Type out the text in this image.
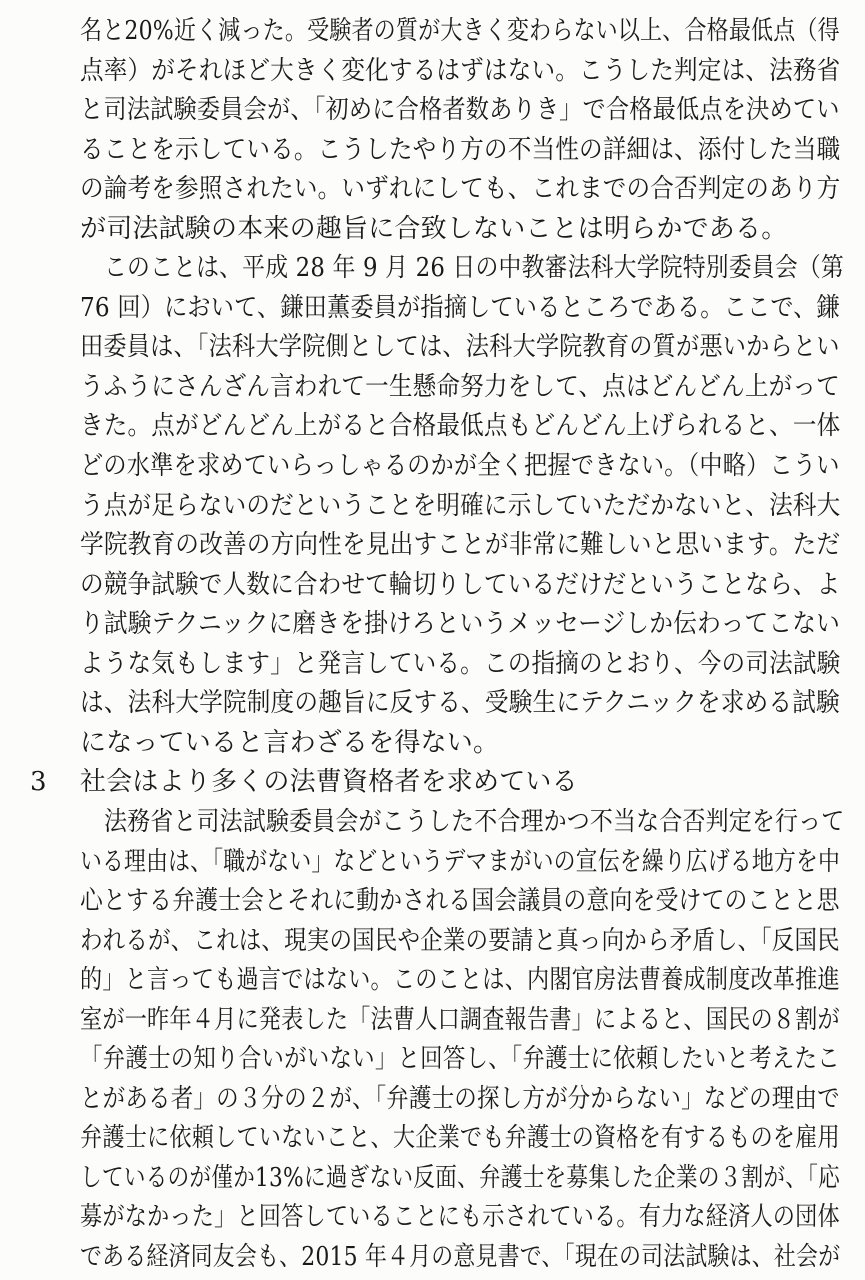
名と20%近く減った。受験者の質が大きく変わらない以上、合格最低点（得
点率）がそれほど大きく変化するはずはない。こうした判定は、法務省
と司法試験委員会が、「初めに合格者数ありき」で合格最低点を決めてい
ることを示している。こうしたやり方の不当性の詳細は、添付した当職
の論考を参照されたい。いずれにしても、これまでの合否判定のあり方
が司法試験の本来の趣旨に合致しないことは明らかである。
このことは、平成 28 年 9 月 26 日の中教審法科大学院特別委員会（第
76 回）において、鎌田薫委員が指摘しているところである。ここで、鎌
田委員は、「法科大学院側としては、法科大学院教育の質が悪いからとい
うふうにさんざん言われて一生懸命努力をして、点はどんどん上がって
きた。点がどんどん上がると合格最低点もどんどん上げられると、一体
どの水準を求めていらっしゃるのかが全く把握できない。（中略）こうい
う点が足らないのだということを明確に示していただかないと、法科大
学院教育の改善の方向性を見出すことが非常に難しいと思います。ただ
の競争試験で人数に合わせて輪切りしているだけだということなら、よ
り試験テクニックに磨きを掛けろというメッセージしか伝わってこない
ような気もします」と発言している。この指摘のとおり、今の司法試験
は、法科大学院制度の趣旨に反する、受験生にテクニックを求める試験
になっていると言わざるを得ない。
3 社会はより多くの法曹資格者を求めている
法務省と司法試験委員会がこうした不合理かつ不当な合否判定を行って
いる理由は、「職がない」などというデマまがいの宣伝を繰り広げる地方を中
心とする弁護士会とそれに動かされる国会議員の意向を受けてのことと思
われるが、これは、現実の国民や企業の要請と真っ向から矛盾し、「反国民
的」と言っても過言ではない。このことは、内閣官房法曹養成制度改革推進
室が一昨年４月に発表した「法曹人口調査報告書」によると、国民の８割が
「弁護士の知り合いがいない」と回答し、「弁護士に依頼したいと考えたこ
とがある者」の３分の２が、「弁護士の探し方が分からない」などの理由で
弁護士に依頼していないこと、大企業でも弁護士の資格を有するものを雇用
しているのが僅か13%に過ぎない反面、弁護士を募集した企業の３割が、「応
募がなかった」と回答していることにも示されている。有力な経済人の団体
である経済同友会も、2015 年４月の意見書で、「現在の司法試験は、社会が
